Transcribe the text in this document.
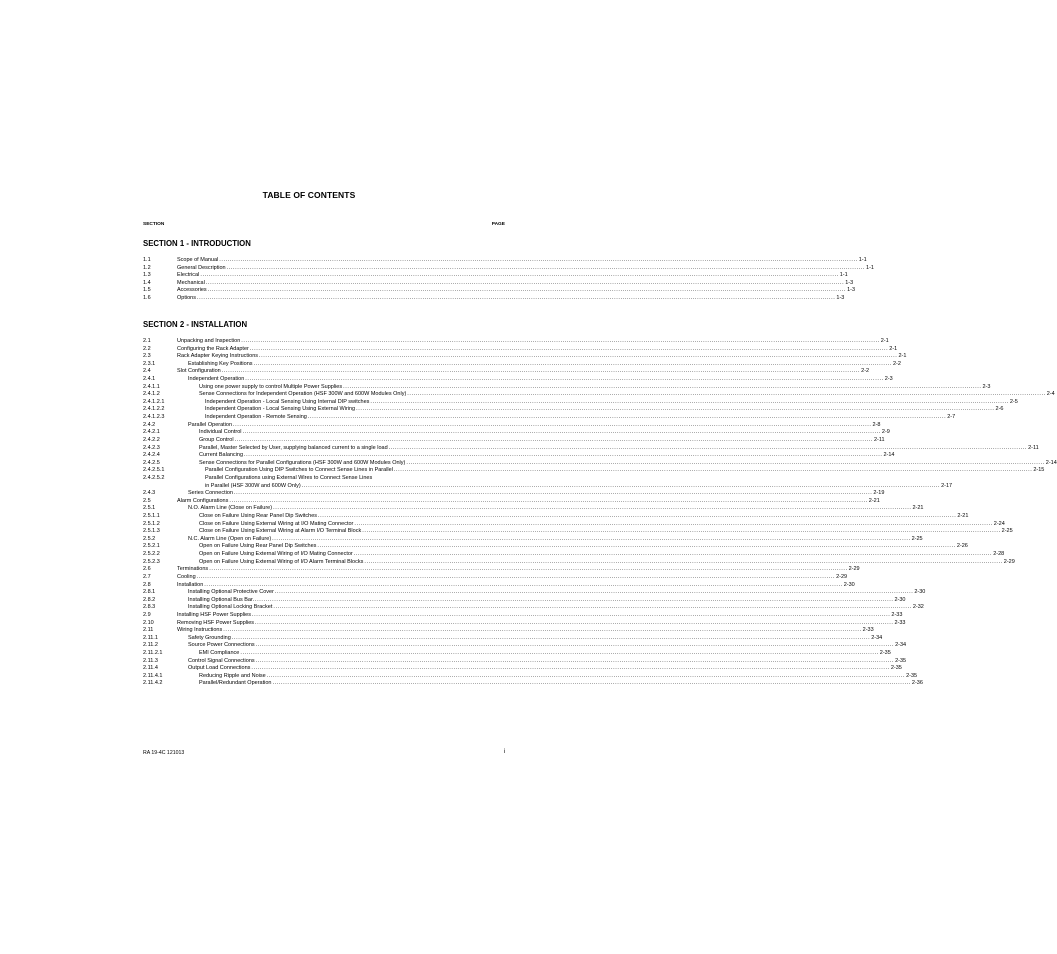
TABLE OF CONTENTS
SECTION	PAGE
SECTION 1 - INTRODUCTION
1.1	Scope of Manual ............................................................................................................................................................................................................................................................................................................ 1-1
1.2	General Description ............................................................................................................................................................................................................................................................................................................ 1-1
1.3	Electrical ............................................................................................................................................................................................................................................................................................................ 1-1
1.4	Mechanical ............................................................................................................................................................................................................................................................................................................ 1-3
1.5	Accessories ............................................................................................................................................................................................................................................................................................................ 1-3
1.6	Options ............................................................................................................................................................................................................................................................................................................ 1-3
SECTION 2 - INSTALLATION
2.1	Unpacking and Inspection ............................................................................................................................................................................................................................................................................................................ 2-1
2.2	Configuring the Rack Adapter ............................................................................................................................................................................................................................................................................................................ 2-1
2.3	Rack Adapter Keying Instructions ............................................................................................................................................................................................................................................................................................................ 2-1
2.3.1	Establishing Key Positions ............................................................................................................................................................................................................................................................................................................ 2-2
2.4	Slot Configuration ............................................................................................................................................................................................................................................................................................................ 2-2
2.4.1	Independent Operation ............................................................................................................................................................................................................................................................................................................ 2-3
2.4.1.1	Using one power supply to control Multiple Power Supplies ............................................................................................................................................................................................................................................................................................................ 2-3
2.4.1.2	Sense Connections for Independent Operation (HSF 300W and 600W Modules Only) ............................................................................................................................................................................................................................................................................................................ 2-4
2.4.1.2.1	Independent Operation - Local Sensing Using Internal DIP switches ............................................................................................................................................................................................................................................................................................................ 2-5
2.4.1.2.2	Independent Operation - Local Sensing Using External Wiring ............................................................................................................................................................................................................................................................................................................ 2-6
2.4.1.2.3	Independent Operation - Remote Sensing ............................................................................................................................................................................................................................................................................................................ 2-7
2.4.2	Parallel Operation ............................................................................................................................................................................................................................................................................................................ 2-8
2.4.2.1	Individual Control ............................................................................................................................................................................................................................................................................................................ 2-9
2.4.2.2	Group Control ............................................................................................................................................................................................................................................................................................................ 2-11
2.4.2.3	Parallel, Master Selected by User, supplying balanced current to a single load ............................................................................................................................................................................................................................................................................................................ 2-11
2.4.2.4	Current Balancing ............................................................................................................................................................................................................................................................................................................ 2-14
2.4.2.5	Sense Connections for Parallel Configurations (HSF 300W and 600W Modules Only) ............................................................................................................................................................................................................................................................................................................ 2-14
2.4.2.5.1	Parallel Configuration Using DIP Switches to Connect Sense Lines in Parallel ............................................................................................................................................................................................................................................................................................................ 2-15
2.4.2.5.2	Parallel Configurations using External Wires to Connect Sense Lines
in Parallel (HSF 300W and 600W Only) ............................................................................................................................................................................................................................................................................................................ 2-17
2.4.3	Series Connection ............................................................................................................................................................................................................................................................................................................ 2-19
2.5	Alarm Configurations ............................................................................................................................................................................................................................................................................................................ 2-21
2.5.1	N.O. Alarm Line (Close on Failure) ............................................................................................................................................................................................................................................................................................................ 2-21
2.5.1.1	Close on Failure Using Rear Panel Dip Switches ............................................................................................................................................................................................................................................................................................................ 2-21
2.5.1.2	Close on Failure Using External Wiring at I/O Mating Connector ............................................................................................................................................................................................................................................................................................................ 2-24
2.5.1.3	Close on Failure Using External Wiring at Alarm I/O Terminal Block ............................................................................................................................................................................................................................................................................................................ 2-25
2.5.2	N.C. Alarm Line (Open on Failure) ............................................................................................................................................................................................................................................................................................................ 2-25
2.5.2.1	Open on Failure Using Rear Panel Dip Switches ............................................................................................................................................................................................................................................................................................................ 2-26
2.5.2.2	Open on Failure Using External Wiring of I/O Mating Connector ............................................................................................................................................................................................................................................................................................................ 2-28
2.5.2.3	Open on Failure Using External Wiring of I/O Alarm Terminal Blocks ............................................................................................................................................................................................................................................................................................................ 2-29
2.6	Terminations ............................................................................................................................................................................................................................................................................................................ 2-29
2.7	Cooling ............................................................................................................................................................................................................................................................................................................ 2-29
2.8	Installation ............................................................................................................................................................................................................................................................................................................ 2-30
2.8.1	Installing Optional Protective Cover ............................................................................................................................................................................................................................................................................................................ 2-30
2.8.2	Installing Optional Bus Bar. ............................................................................................................................................................................................................................................................................................................ 2-30
2.8.3	Installing Optional Locking Bracket ............................................................................................................................................................................................................................................................................................................ 2-32
2.9	Installing HSF Power Supplies ............................................................................................................................................................................................................................................................................................................ 2-33
2.10	Removing HSF Power Supplies ............................................................................................................................................................................................................................................................................................................ 2-33
2.11	Wiring Instructions ............................................................................................................................................................................................................................................................................................................ 2-33
2.11.1	Safety Grounding ............................................................................................................................................................................................................................................................................................................ 2-34
2.11.2	Source Power Connections ............................................................................................................................................................................................................................................................................................................ 2-34
2.11.2.1	EMI Compliance ............................................................................................................................................................................................................................................................................................................ 2-35
2.11.3	Control Signal Connections ............................................................................................................................................................................................................................................................................................................ 2-35
2.11.4	Output Load Connections ............................................................................................................................................................................................................................................................................................................ 2-35
2.11.4.1	Reducing Ripple and Noise ............................................................................................................................................................................................................................................................................................................ 2-35
2.11.4.2	Parallel/Redundant Operation ............................................................................................................................................................................................................................................................................................................ 2-36
RA 19-4C 121013	i
